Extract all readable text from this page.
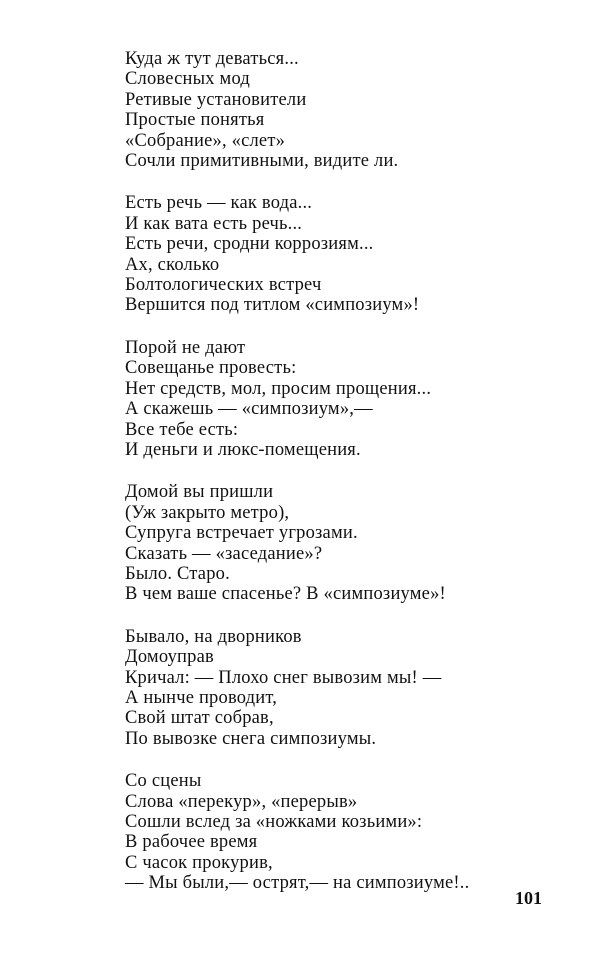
Куда ж тут деваться...
Словесных мод
Ретивые установители
Простые понятья
«Собрание», «слет»
Сочли примитивными, видите ли.
Есть речь — как вода...
И как вата есть речь...
Есть речи, сродни коррозиям...
Ах, сколько
Болтологических встреч
Вершится под титлом «симпозиум»!
Порой не дают
Совещанье провесть:
Нет средств, мол, просим прощения...
А скажешь — «симпозиум»,—
Все тебе есть:
И деньги и люкс-помещения.
Домой вы пришли
(Уж закрыто метро),
Супруга встречает угрозами.
Сказать — «заседание»?
Было. Старо.
В чем ваше спасенье? В «симпозиуме»!
Бывало, на дворников
Домоуправ
Кричал: — Плохо снег вывозим мы! —
А нынче проводит,
Свой штат собрав,
По вывозке снега симпозиумы.
Со сцены
Слова «перекур», «перерыв»
Сошли вслед за «ножками козьими»:
В рабочее время
С часок прокурив,
— Мы были,— острят,— на симпозиуме!..
101
